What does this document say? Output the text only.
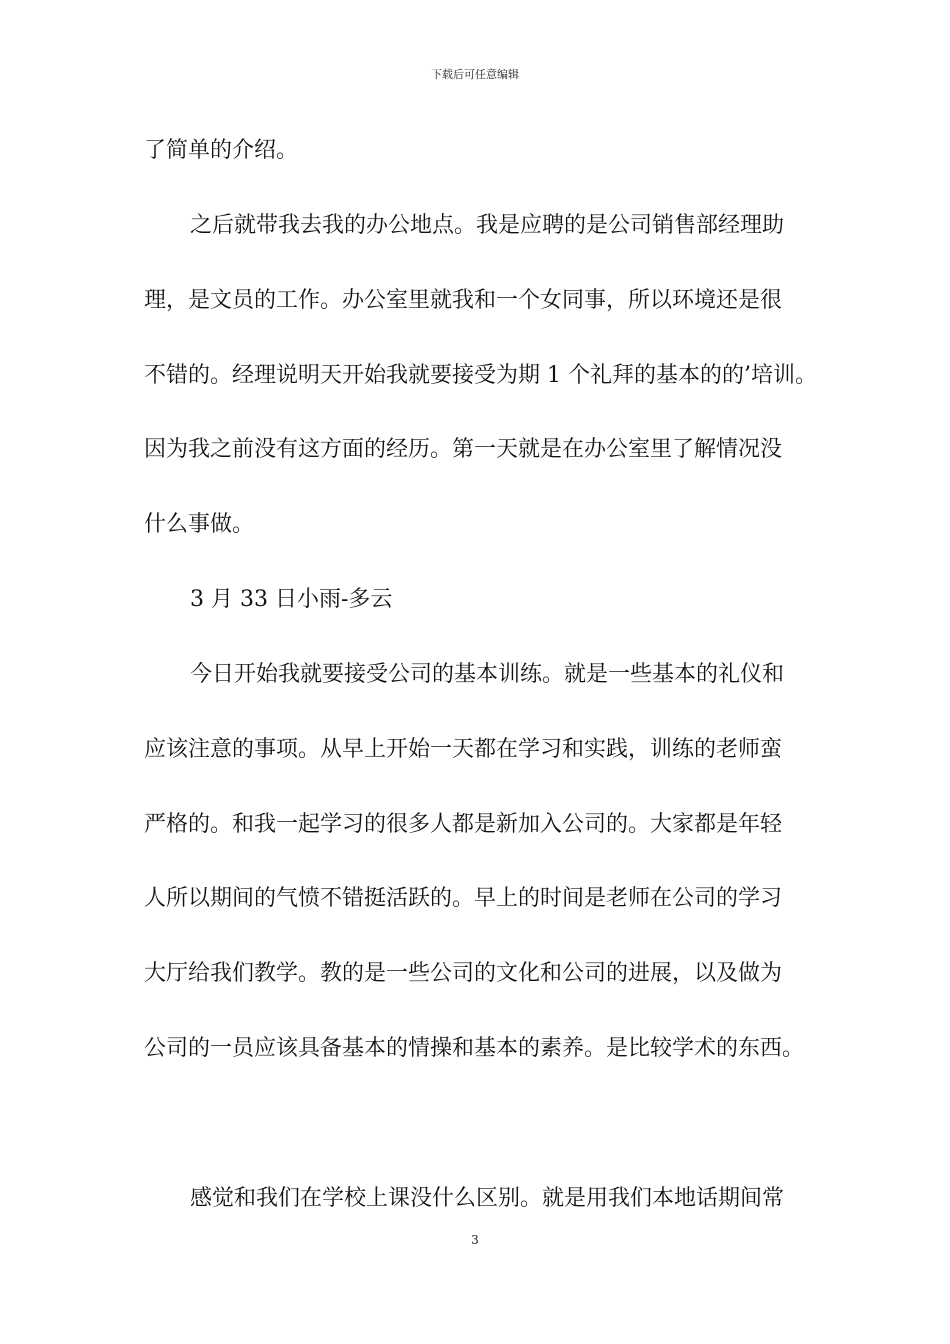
下载后可任意编辑
了简单的介绍。
之后就带我去我的办公地点。我是应聘的是公司销售部经理助
理，是文员的工作。办公室里就我和一个女同事，所以环境还是很
不错的。经理说明天开始我就要接受为期 1 个礼拜的基本的的’培训。
因为我之前没有这方面的经历。第一天就是在办公室里了解情况没
什么事做。
3 月 33 日小雨-多云
今日开始我就要接受公司的基本训练。就是一些基本的礼仪和
应该注意的事项。从早上开始一天都在学习和实践，训练的老师蛮
严格的。和我一起学习的很多人都是新加入公司的。大家都是年轻
人所以期间的气愤不错挺活跃的。早上的时间是老师在公司的学习
大厅给我们教学。教的是一些公司的文化和公司的进展，以及做为
公司的一员应该具备基本的情操和基本的素养。是比较学术的东西。
感觉和我们在学校上课没什么区别。就是用我们本地话期间常
3
